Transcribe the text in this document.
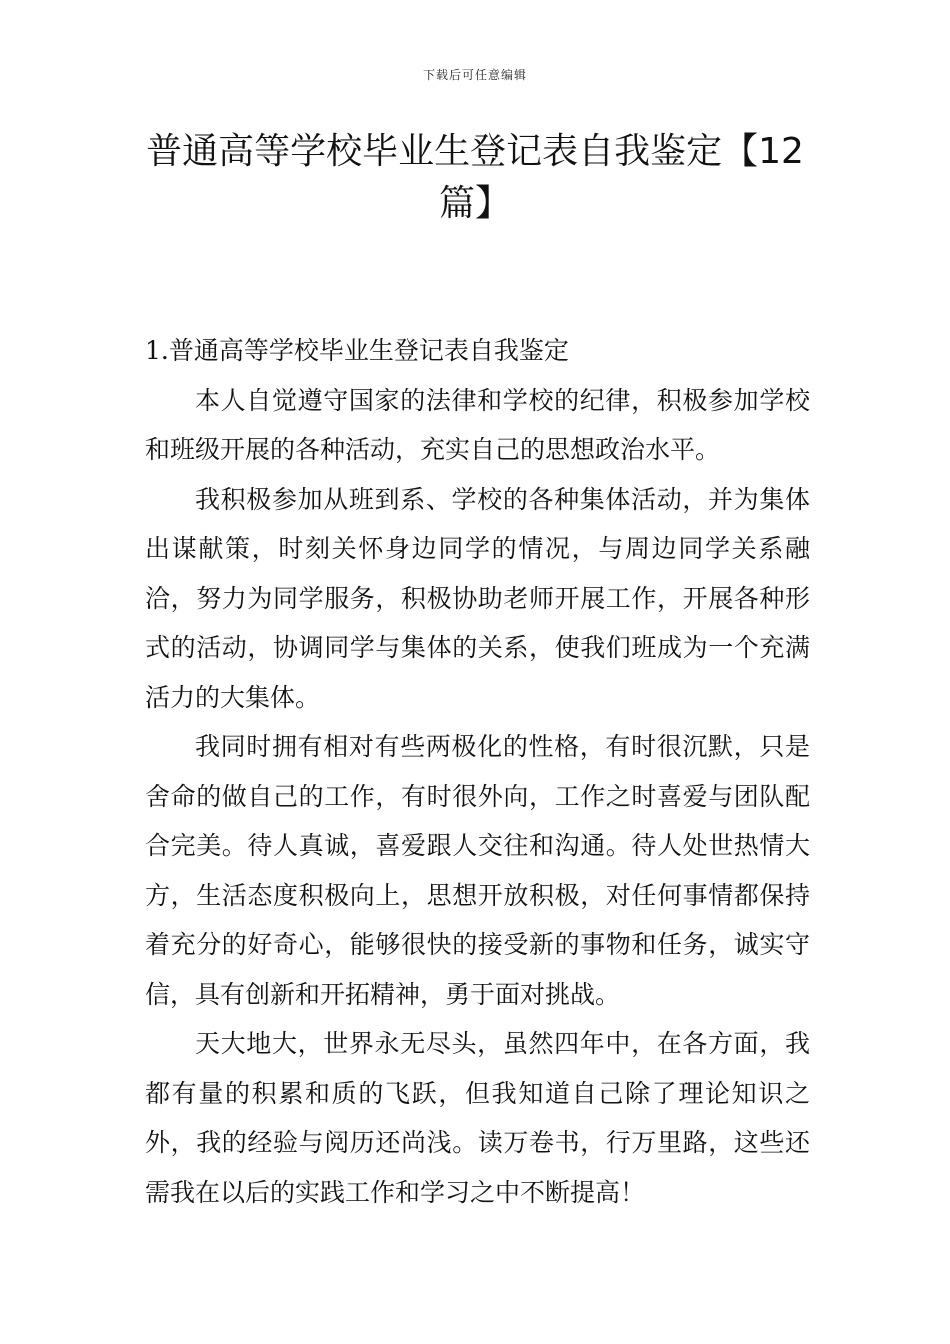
下载后可任意编辑
普通高等学校毕业生登记表自我鉴定【12篇】

1.普通高等学校毕业生登记表自我鉴定

本人自觉遵守国家的法律和学校的纪律，积极参加学校和班级开展的各种活动，充实自己的思想政治水平。

我积极参加从班到系、学校的各种集体活动，并为集体出谋献策，时刻关怀身边同学的情况，与周边同学关系融洽，努力为同学服务，积极协助老师开展工作，开展各种形式的活动，协调同学与集体的关系，使我们班成为一个充满活力的大集体。

我同时拥有相对有些两极化的性格，有时很沉默，只是舍命的做自己的工作，有时很外向，工作之时喜爱与团队配合完美。待人真诚，喜爱跟人交往和沟通。待人处世热情大方，生活态度积极向上，思想开放积极，对任何事情都保持着充分的好奇心，能够很快的接受新的事物和任务，诚实守信，具有创新和开拓精神，勇于面对挑战。

天大地大，世界永无尽头，虽然四年中，在各方面，我都有量的积累和质的飞跃，但我知道自己除了理论知识之外，我的经验与阅历还尚浅。读万卷书，行万里路，这些还需我在以后的实践工作和学习之中不断提高！
